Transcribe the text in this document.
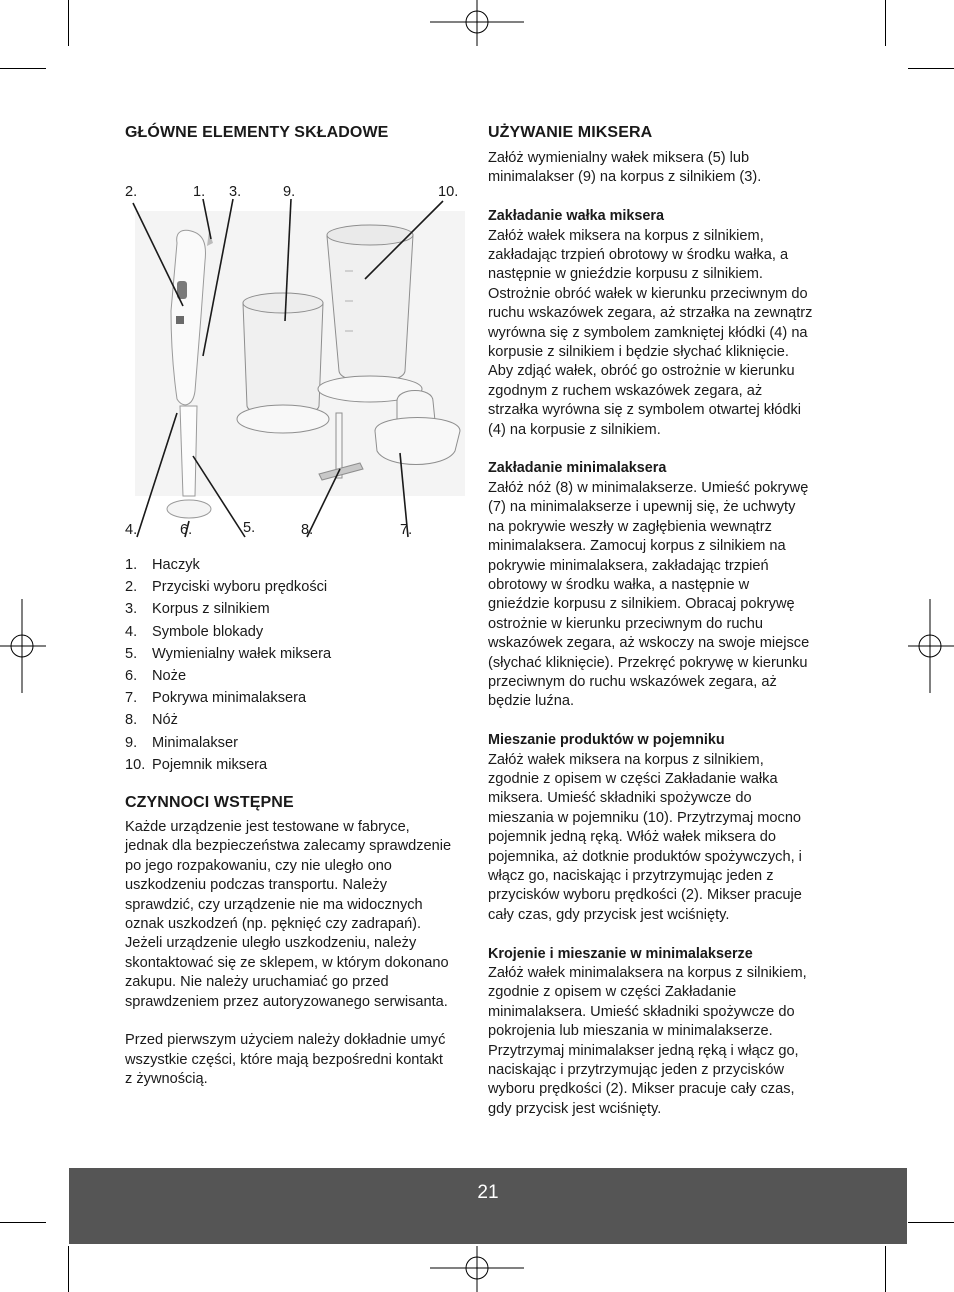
GŁÓWNE ELEMENTY SKŁADOWE
2.	1. 3.	9.	10.
4.	6.	5.	8.	7.
1.	Haczyk
2.	Przyciski wyboru prędkości
3.	Korpus z silnikiem
4.	Symbole blokady
5.	Wymienialny wałek miksera
6.	Noże
7.	Pokrywa minimalaksera
8.	Nóż
9.	Minimalakser
10. Pojemnik miksera
CZYNNOCI WSTĘPNE

Każde urządzenie jest testowane w fabryce,

jednak dla bezpieczeństwa zalecamy sprawdzenie

po jego rozpakowaniu, czy nie uległo ono

uszkodzeniu podczas transportu. Należy

sprawdzić, czy urządzenie nie ma widocznych

oznak uszkodzeń (np. pęknięć czy zadrapań).

Jeżeli urządzenie uległo uszkodzeniu, należy

skontaktować się ze sklepem, w którym dokonano

zakupu. Nie należy uruchamiać go przed

sprawdzeniem przez autoryzowanego serwisanta.

Przed pierwszym użyciem należy dokładnie umyć

wszystkie części, które mają bezpośredni kontakt

z żywnością.

UŻYWANIE MIKSERA

Załóż wymienialny wałek miksera (5) lub

minimalakser (9) na korpus z silnikiem (3).

Zakładanie wałka miksera

Załóż wałek miksera na korpus z silnikiem,

zakładając trzpień obrotowy w środku wałka, a

następnie w gnieździe korpusu z silnikiem.

Ostrożnie obróć wałek w kierunku przeciwnym do

ruchu wskazówek zegara, aż strzałka na zewnątrz

wyrówna się z symbolem zamkniętej kłódki (4) na

korpusie z silnikiem i będzie słychać kliknięcie.

Aby zdjąć wałek, obróć go ostrożnie w kierunku

zgodnym z ruchem wskazówek zegara, aż

strzałka wyrówna się z symbolem otwartej kłódki

(4) na korpusie z silnikiem.

Zakładanie minimalaksera

Załóż nóż (8) w minimalakserze. Umieść pokrywę

(7) na minimalakserze i upewnij się, że uchwyty

na pokrywie weszły w zagłębienia wewnątrz

minimalaksera. Zamocuj korpus z silnikiem na

pokrywie minimalaksera, zakładając trzpień

obrotowy w środku wałka, a następnie w

gnieździe korpusu z silnikiem. Obracaj pokrywę

ostrożnie w kierunku przeciwnym do ruchu

wskazówek zegara, aż wskoczy na swoje miejsce

(słychać kliknięcie). Przekręć pokrywę w kierunku

przeciwnym do ruchu wskazówek zegara, aż

będzie luźna.

Mieszanie produktów w pojemniku

Załóż wałek miksera na korpus z silnikiem,

zgodnie z opisem w części Zakładanie wałka

miksera. Umieść składniki spożywcze do

mieszania w pojemniku (10). Przytrzymaj mocno

pojemnik jedną ręką. Włóż wałek miksera do

pojemnika, aż dotknie produktów spożywczych, i

włącz go, naciskając i przytrzymując jeden z

przycisków wyboru prędkości (2). Mikser pracuje

cały czas, gdy przycisk jest wciśnięty.

Krojenie i mieszanie w minimalakserze

Załóż wałek minimalaksera na korpus z silnikiem,

zgodnie z opisem w części Zakładanie

minimalaksera. Umieść składniki spożywcze do

pokrojenia lub mieszania w minimalakserze.

Przytrzymaj minimalakser jedną ręką i włącz go,

naciskając i przytrzymując jeden z przycisków

wyboru prędkości (2). Mikser pracuje cały czas,

gdy przycisk jest wciśnięty.

21
